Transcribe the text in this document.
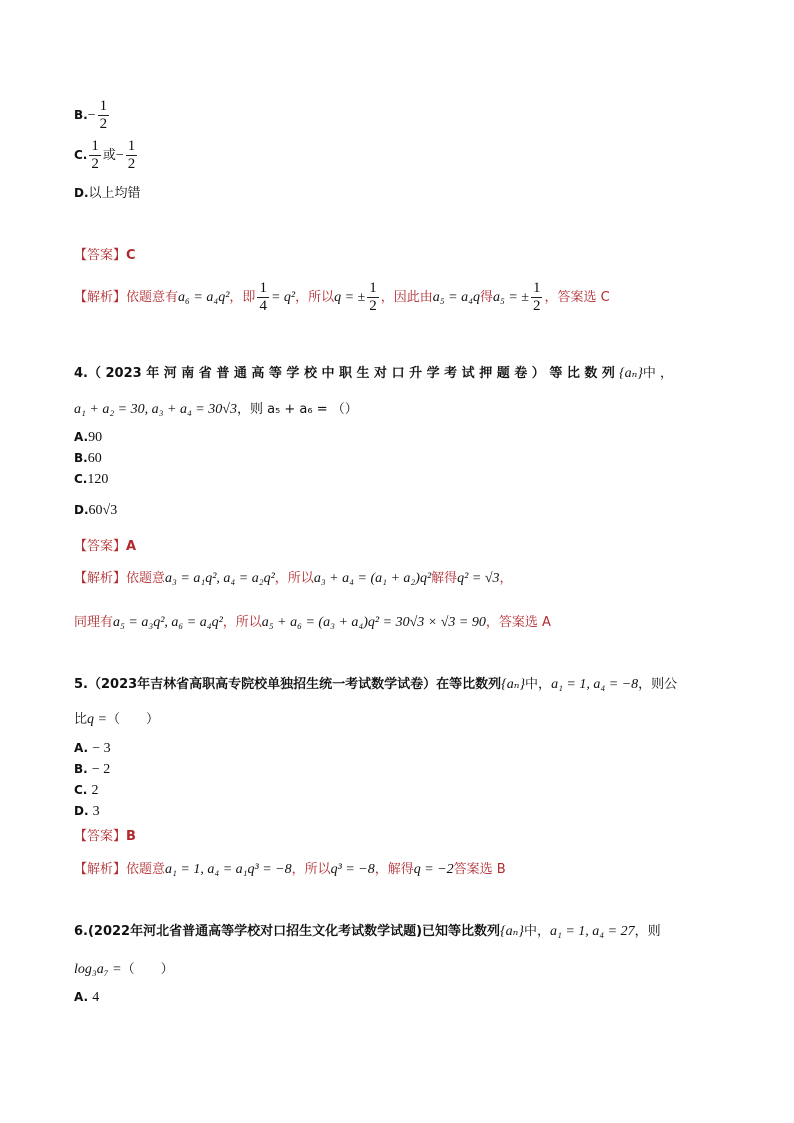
$B.- \frac{1}{2}$
C. $\frac{1}{2}$ 或− $\frac{1}{2}$
D.以上均错
【答案】C
【解析】依题意有a₆ = a₄q²，即 $\frac{1}{4} = q^2$，所以q = ± $\frac{1}{2}$ ，因此由a₅ = a₄q得a₅ = ± $\frac{1}{2}$ ，答案选 C
4.（ 2023 年 河 南 省 普 通 高 等 学 校 中 职 生 对 口 升 学 考 试 押 题 卷 ） 等 比 数 列 {aₙ}中 ，
a₁ + a₂ = 30, a₃ + a₄ = 30√3，则 a₅ + a₆ = （）
A.90
B.60
C.120
D.60√3
【答案】A
【解析】依题意a₃ = a₁q², a₄ = a₂q²，所以a₃ + a₄ = (a₁ + a₂)q²解得q² = √3，
同理有a₅ = a₃q², a₆ = a₄q²，所以a₅ + a₆ = (a₃ + a₄)q² = 30√3 × √3 = 90，答案选 A
5.（2023年吉林省高职高专院校单独招生统一考试数学试卷）在等比数列{aₙ}中，a₁ = 1, a₄ = −8，则公
比q =（　　）
A. − 3
B. − 2
C. 2
D. 3
【答案】B
【解析】依题意a₁ = 1, a₄ = a₁q³ = −8，所以q³ = −8，解得q = −2答案选 B
6.(2022年河北省普通高等学校对口招生文化考试数学试题)已知等比数列{aₙ}中，a₁ = 1, a₄ = 27，则
log₃a₇ =（　　）
A. 4
